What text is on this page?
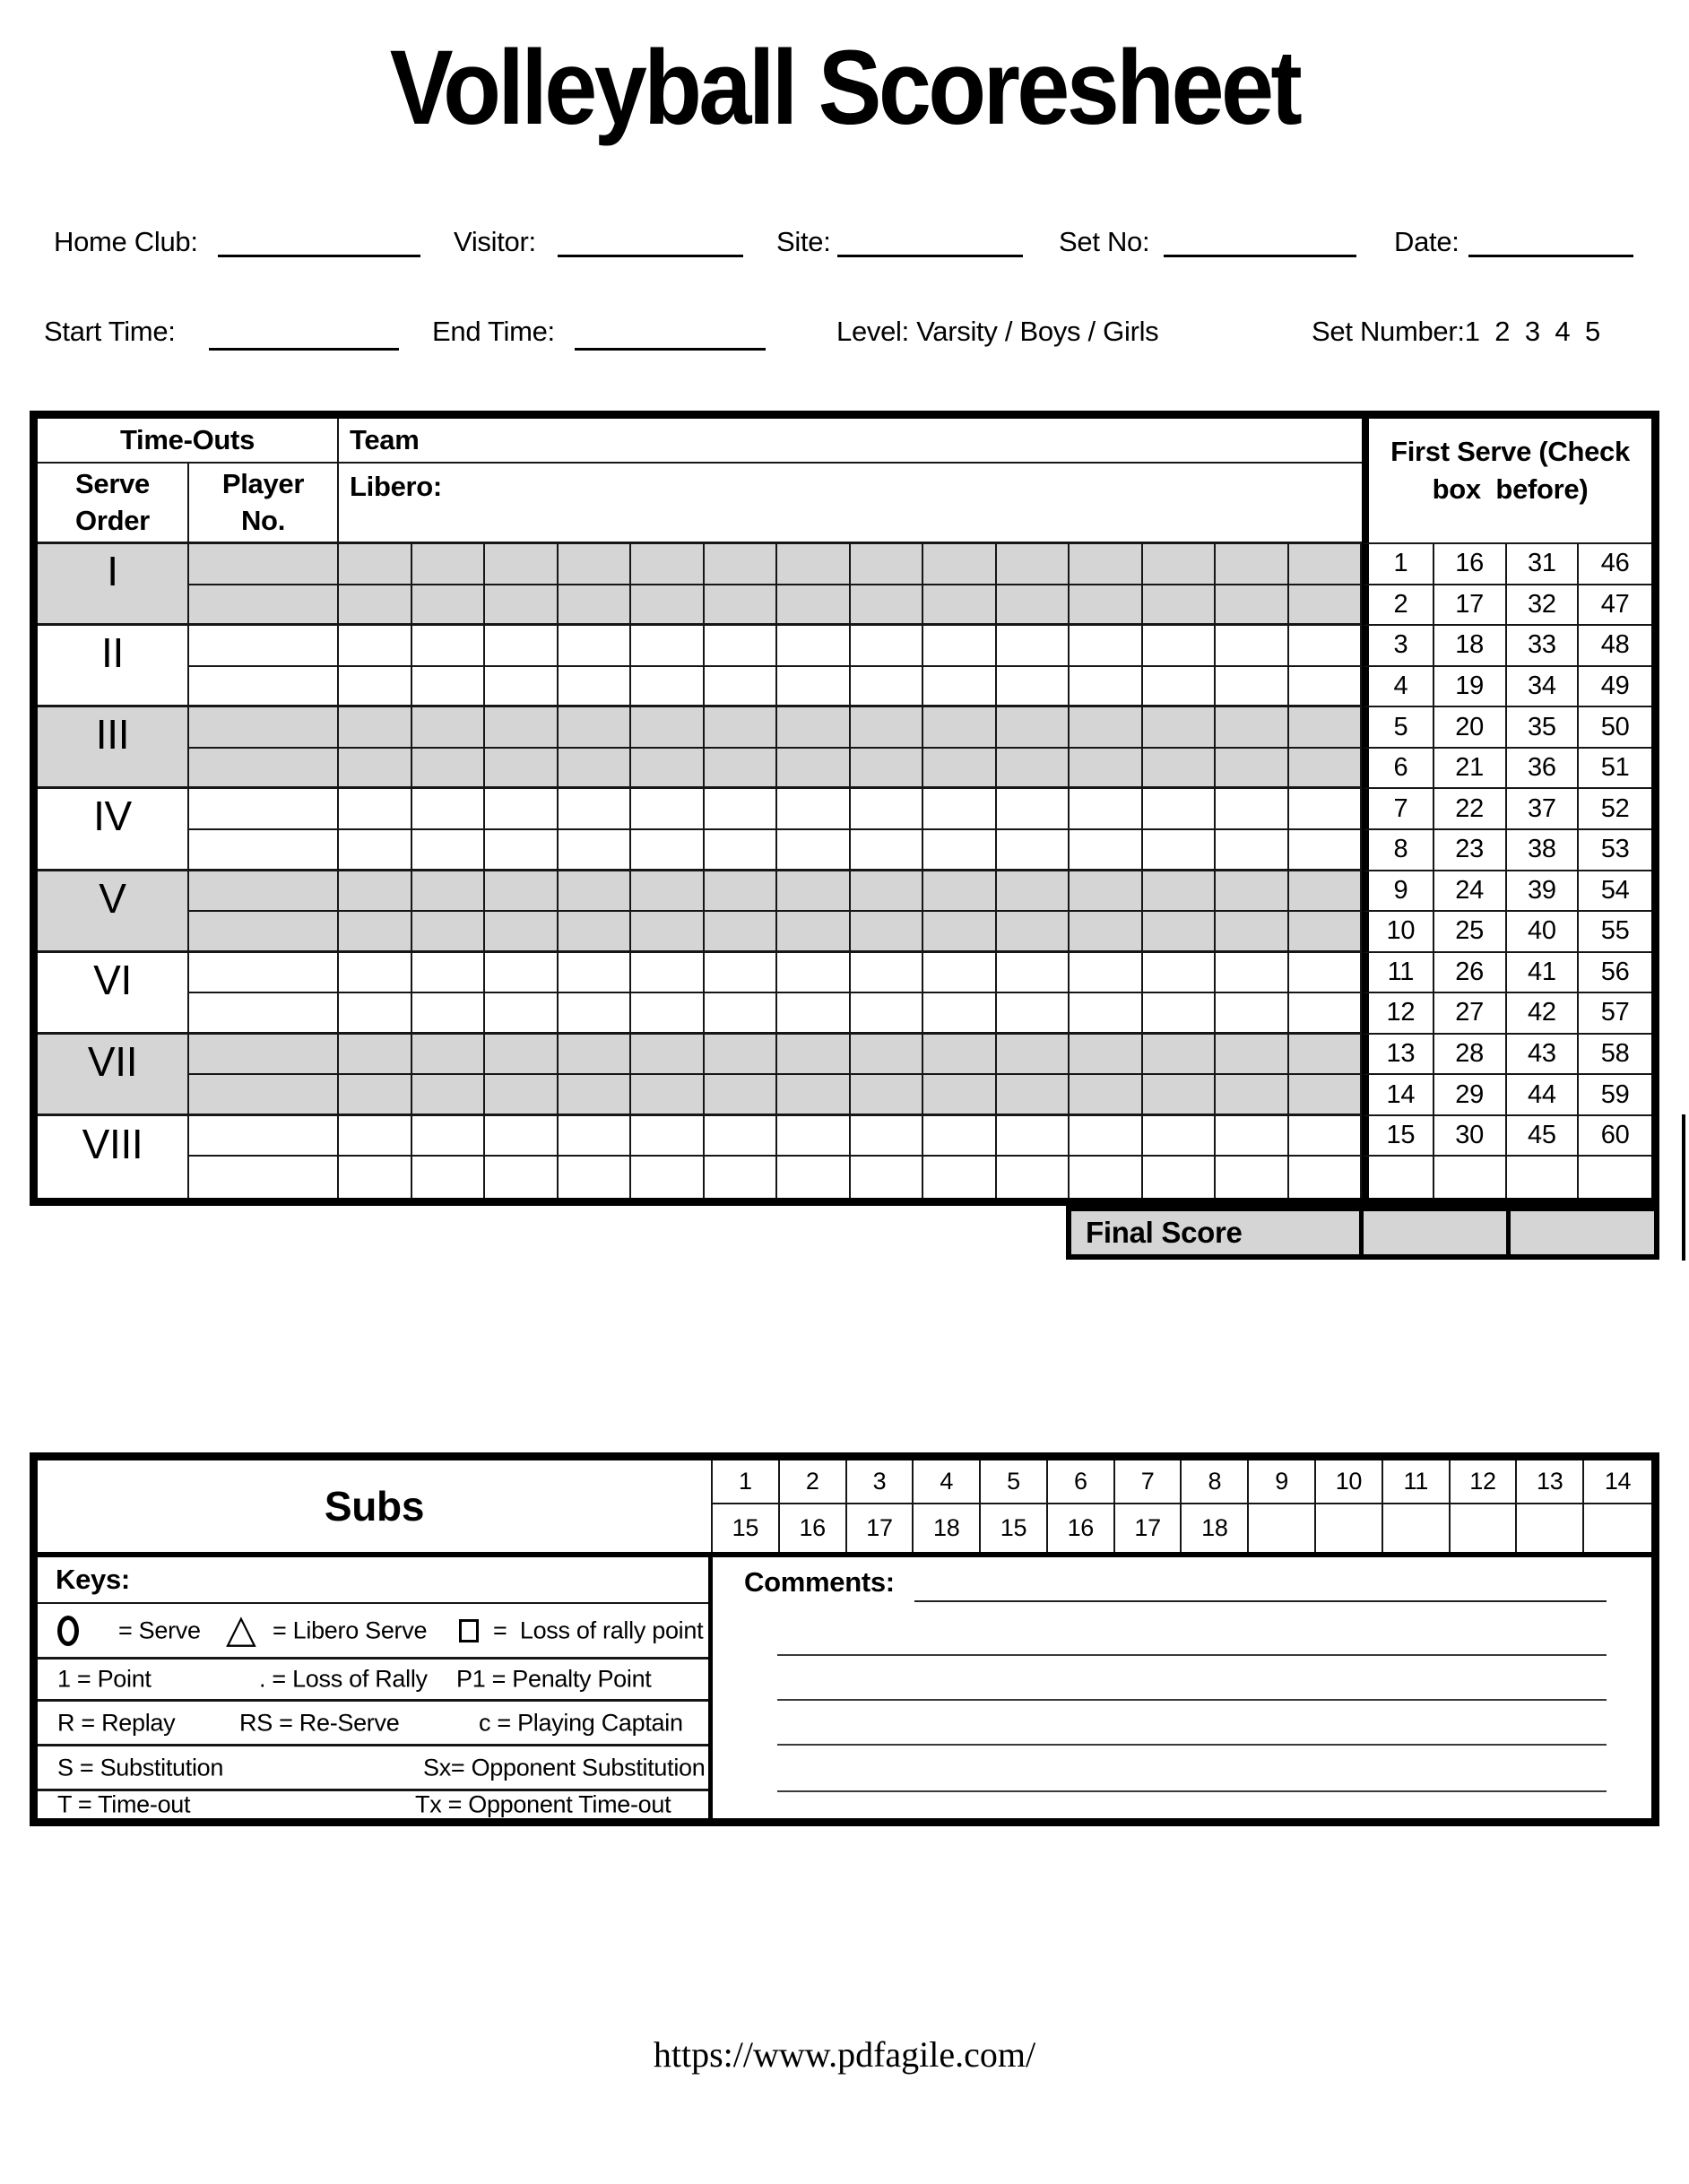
Volleyball Scoresheet
Home Club:	Visitor:	Site:	Set No:	Date:
Start Time:	End Time:	Level: Varsity / Boys / Girls	Set Number:1  2  3  4  5
Time-Outs	Team	First Serve (Check
box  before)
Serve
Order
Player
No.
Libero:
I
II
III
IV
V
VI
VII
VIII
1	16	31	46
2	17	32	47
3	18	33	48
4	19	34	49
5	20	35	50
6	21	36	51
7	22	37	52
8	23	38	53
9	24	39	54
10	25	40	55
11	26	41	56
12	27	42	57
13	28	43	58
14	29	44	59
15	30	45	60
Final Score
Subs
Keys:
= Serve △ = Libero Serve	=  Loss of rally point
1 = Point	. = Loss of Rally P1 = Penalty Point
R = Replay	RS = Re-Serve	c = Playing Captain
S = Substitution	Sx= Opponent Substitution
T = Time-out	Tx = Opponent Time-out
Comments:
1	2	3	4	5	6	7	8	9	10	11	12	13	14
15	16	17	18	15	16	17	18
https://www.pdfagile.com/
